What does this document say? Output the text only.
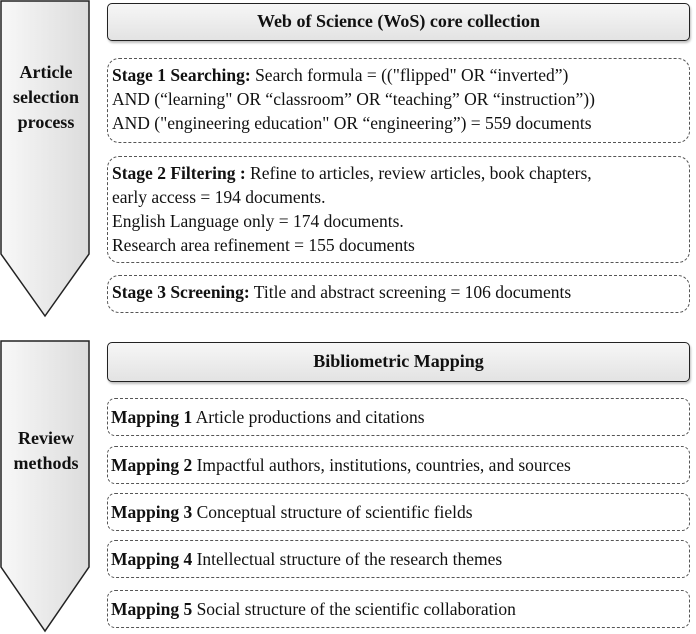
Article
selection
process
Review
methods
Web of Science (WoS) core collection
Stage 1 Searching: Search formula = (("flipped" OR “inverted”)
AND (“learning" OR “classroom” OR “teaching” OR “instruction”))
AND ("engineering education" OR “engineering”) = 559 documents
Stage 2 Filtering : Refine to articles, review articles, book chapters,
early access = 194 documents.
English Language only = 174 documents.
Research area refinement = 155 documents
Stage 3 Screening: Title and abstract screening = 106 documents
Bibliometric Mapping
Mapping 1 Article productions and citations
Mapping 2 Impactful authors, institutions, countries, and sources
Mapping 3 Conceptual structure of scientific fields
Mapping 4 Intellectual structure of the research themes
Mapping 5 Social structure of the scientific collaboration
